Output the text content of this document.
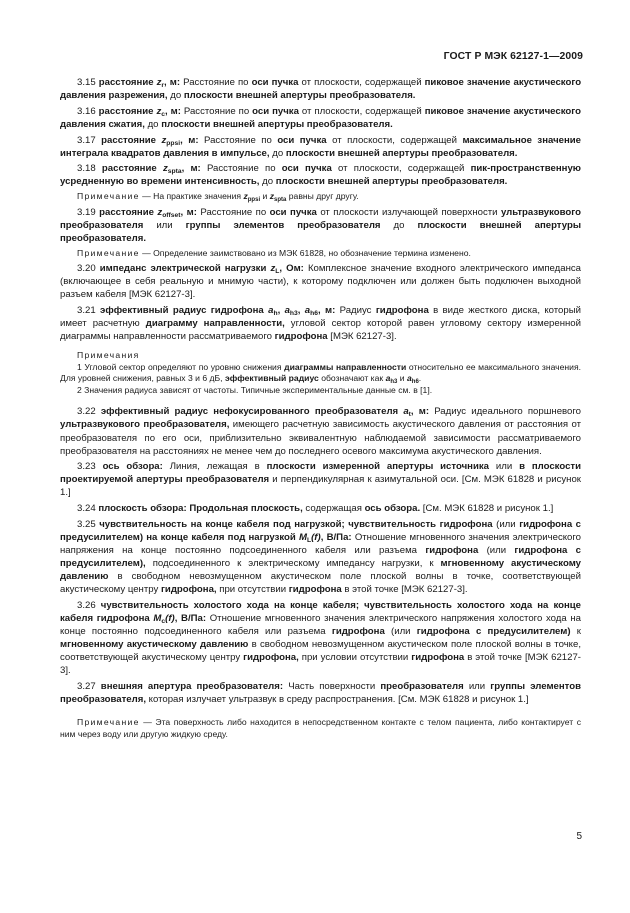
ГОСТ Р МЭК 62127-1—2009

3.15 расстояние $z_r$, м: Расстояние по оси пучка от плоскости, содержащей пиковое значение акустического давления разрежения, до плоскости внешней апертуры преобразователя.

3.16 расстояние $z_c$, м: Расстояние по оси пучка от плоскости, содержащей пиковое значение акустического давления сжатия, до плоскости внешней апертуры преобразователя.

3.17 расстояние $z_{ppsi}$, м: Расстояние по оси пучка от плоскости, содержащей максимальное значение интеграла квадратов давления в импульсе, до плоскости внешней апертуры преобразователя.

3.18 расстояние $z_{spta}$, м: Расстояние по оси пучка от плоскости, содержащей пик-пространственную усредненную во времени интенсивность, до плоскости внешней апертуры преобразователя.

Примечание — На практике значения $z_{ppsi}$ и $z_{spta}$ равны друг другу.

3.19 расстояние $z_{offset}$, м: Расстояние по оси пучка от плоскости излучающей поверхности ультразвукового преобразователя или группы элементов преобразователя до плоскости внешней апертуры преобразователя.

Примечание — Определение заимствовано из МЭК 61828, но обозначение термина изменено.

3.20 импеданс электрической нагрузки $z_L$, Ом: Комплексное значение входного электрического импеданса (включающее в себя реальную и мнимую части), к которому подключен или должен быть подключен выходной разъем кабеля [МЭК 62127-3].

3.21 эффективный радиус гидрофона $a_h$, $a_{h3}$, $a_{h6}$, м: Радиус гидрофона в виде жесткого диска, который имеет расчетную диаграмму направленности, угловой сектор которой равен угловому сектору измеренной диаграммы направленности рассматриваемого гидрофона [МЭК 62127-3].

Примечания
1 Угловой сектор определяют по уровню снижения диаграммы направленности относительно ее максимального значения. Для уровней снижения, равных 3 и 6 дБ, эффективный радиус обозначают как $a_{h3}$ и $a_{h6}$.
2 Значения радиуса зависят от частоты. Типичные экспериментальные данные см. в [1].

3.22 эффективный радиус нефокусированного преобразователя $a_t$, м: Радиус идеального поршневого ультразвукового преобразователя, имеющего расчетную зависимость акустического давления от расстояния от преобразователя по его оси, приблизительно эквивалентную наблюдаемой зависимости рассматриваемого преобразователя на расстояниях не менее чем до последнего осевого максимума акустического давления.

3.23 ось обзора: Линия, лежащая в плоскости измеренной апертуры источника или в плоскости проектируемой апертуры преобразователя и перпендикулярная к азимутальной оси. [См. МЭК 61828 и рисунок 1.]

3.24 плоскость обзора: Продольная плоскость, содержащая ось обзора. [См. МЭК 61828 и рисунок 1.]

3.25 чувствительность на конце кабеля под нагрузкой; чувствительность гидрофона (или гидрофона с предусилителем) на конце кабеля под нагрузкой $M_L(f)$, В/Па: Отношение мгновенного значения электрического напряжения на конце постоянно подсоединенного кабеля или разъема гидрофона (или гидрофона с предусилителем), подсоединенного к электрическому импедансу нагрузки, к мгновенному акустическому давлению в свободном невозмущенном акустическом поле плоской волны в точке, соответствующей акустическому центру гидрофона, при отсутствии гидрофона в этой точке [МЭК 62127-3].

3.26 чувствительность холостого хода на конце кабеля; чувствительность холостого хода на конце кабеля гидрофона $M_c(f)$, В/Па: Отношение мгновенного значения электрического напряжения холостого хода на конце постоянно подсоединенного кабеля или разъема гидрофона (или гидрофона с предусилителем) к мгновенному акустическому давлению в свободном невозмущенном акустическом поле плоской волны в точке, соответствующей акустическому центру гидрофона, при условии отсутствии гидрофона в этой точке [МЭК 62127-3].

3.27 внешняя апертура преобразователя: Часть поверхности преобразователя или группы элементов преобразователя, которая излучает ультразвук в среду распространения. [См. МЭК 61828 и рисунок 1.]

Примечание — Эта поверхность либо находится в непосредственном контакте с телом пациента, либо контактирует с ним через воду или другую жидкую среду.

5
